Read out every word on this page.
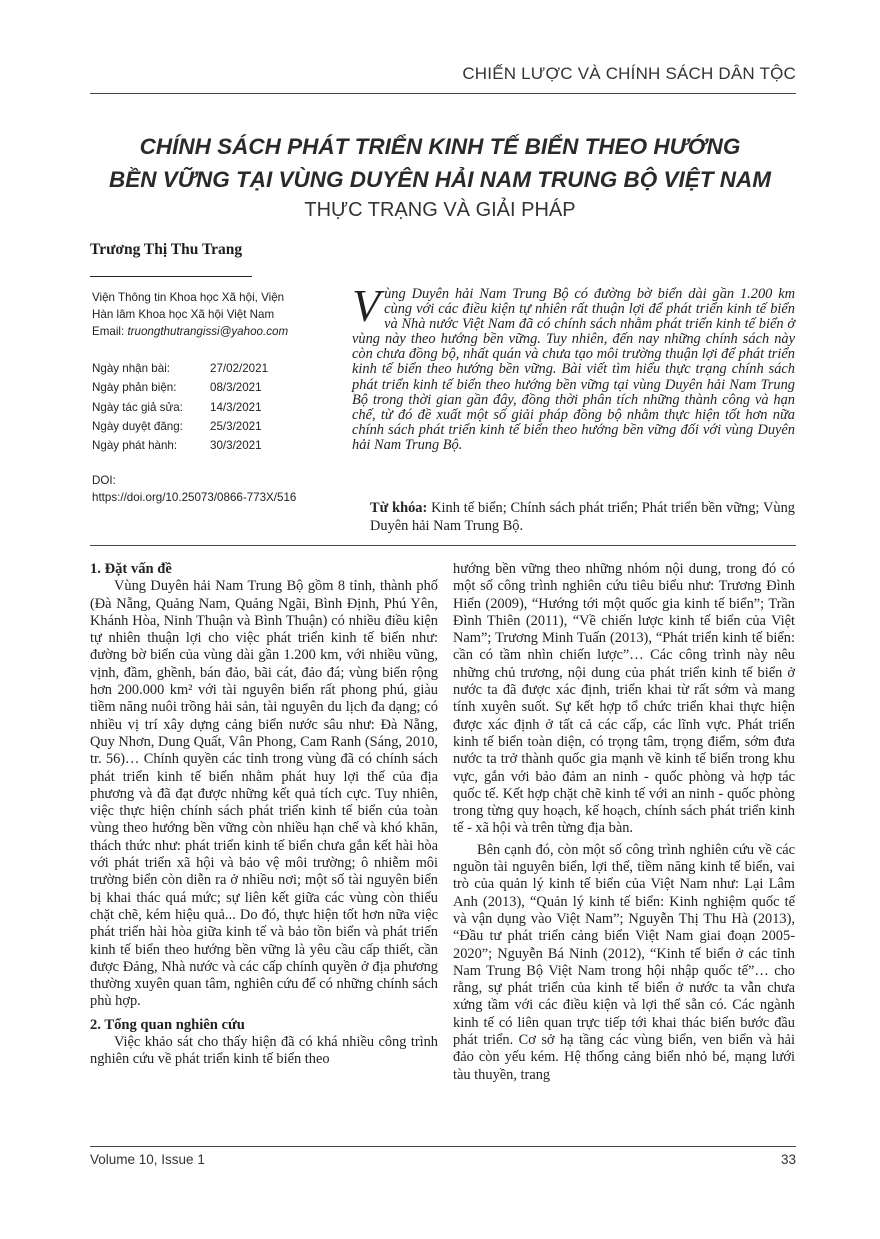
CHIẾN LƯỢC VÀ CHÍNH SÁCH DÂN TỘC
CHÍNH SÁCH PHÁT TRIỂN KINH TẾ BIỂN THEO HƯỚNG
BỀN VỮNG TẠI VÙNG DUYÊN HẢI NAM TRUNG BỘ VIỆT NAM
THỰC TRẠNG VÀ GIẢI PHÁP
Trương Thị Thu Trang
Viện Thông tin Khoa học Xã hội, Viện
Hàn lâm Khoa học Xã hội Việt Nam
Email: truongthutrangissi@yahoo.com
Ngày nhận bài:	27/02/2021
Ngày phản biện:	08/3/2021
Ngày tác giả sửa:	14/3/2021
Ngày duyệt đăng:	25/3/2021
Ngày phát hành:	30/3/2021
DOI:
https://doi.org/10.25073/0866-773X/516
Vùng Duyên hải Nam Trung Bộ có đường bờ biển dài gần 1.200 km cùng với các điều kiện tự nhiên rất thuận lợi để phát triển kinh tế biển và Nhà nước Việt Nam đã có chính sách nhằm phát triển kinh tế biển ở vùng này theo hướng bền vững. Tuy nhiên, đến nay những chính sách này còn chưa đồng bộ, nhất quán và chưa tạo môi trường thuận lợi để phát triển kinh tế biển theo hướng bền vững. Bài viết tìm hiểu thực trạng chính sách phát triển kinh tế biển theo hướng bền vững tại vùng Duyên hải Nam Trung Bộ trong thời gian gần đây, đồng thời phân tích những thành công và hạn chế, từ đó đề xuất một số giải pháp đồng bộ nhằm thực hiện tốt hơn nữa chính sách phát triển kinh tế biển theo hướng bền vững đối với vùng Duyên hải Nam Trung Bộ.
Từ khóa: Kinh tế biển; Chính sách phát triển; Phát triển bền vững; Vùng Duyên hải Nam Trung Bộ.
1. Đặt vấn đề

Vùng Duyên hải Nam Trung Bộ gồm 8 tỉnh, thành phố (Đà Nẵng, Quảng Nam, Quảng Ngãi, Bình Định, Phú Yên, Khánh Hòa, Ninh Thuận và Bình Thuận) có nhiều điều kiện tự nhiên thuận lợi cho việc phát triển kinh tế biển như: đường bờ biển của vùng dài gần 1.200 km, với nhiều vũng, vịnh, đầm, ghềnh, bán đảo, bãi cát, đảo đá; vùng biển rộng hơn 200.000 km² với tài nguyên biển rất phong phú, giàu tiềm năng nuôi trồng hải sản, tài nguyên du lịch đa dạng; có nhiều vị trí xây dựng cảng biển nước sâu như: Đà Nẵng, Quy Nhơn, Dung Quất, Vân Phong, Cam Ranh (Sáng, 2010, tr. 56)… Chính quyền các tỉnh trong vùng đã có chính sách phát triển kinh tế biển nhằm phát huy lợi thế của địa phương và đã đạt được những kết quả tích cực. Tuy nhiên, việc thực hiện chính sách phát triển kinh tế biển của toàn vùng theo hướng bền vững còn nhiều hạn chế và khó khăn, thách thức như: phát triển kinh tế biển chưa gắn kết hài hòa với phát triển xã hội và bảo vệ môi trường; ô nhiễm môi trường biển còn diễn ra ở nhiều nơi; một số tài nguyên biển bị khai thác quá mức; sự liên kết giữa các vùng còn thiếu chặt chẽ, kém hiệu quả... Do đó, thực hiện tốt hơn nữa việc phát triển hài hòa giữa kinh tế và bảo tồn biển và phát triển kinh tế biển theo hướng bền vững là yêu cầu cấp thiết, cần được Đảng, Nhà nước và các cấp chính quyền ở địa phương thường xuyên quan tâm, nghiên cứu để có những chính sách phù hợp.

2. Tổng quan nghiên cứu

Việc khảo sát cho thấy hiện đã có khá nhiều công trình nghiên cứu về phát triển kinh tế biển theo

hướng bền vững theo những nhóm nội dung, trong đó có một số công trình nghiên cứu tiêu biểu như: Trương Đình Hiển (2009), “Hướng tới một quốc gia kinh tế biển”; Trần Đình Thiên (2011), “Về chiến lược kinh tế biển của Việt Nam”; Trương Minh Tuấn (2013), “Phát triển kinh tế biển: cần có tầm nhìn chiến lược”… Các công trình này nêu những chủ trương, nội dung của phát triển kinh tế biển ở nước ta đã được xác định, triển khai từ rất sớm và mang tính xuyên suốt. Sự kết hợp tổ chức triển khai thực hiện được xác định ở tất cả các cấp, các lĩnh vực. Phát triển kinh tế biển toàn diện, có trọng tâm, trọng điểm, sớm đưa nước ta trở thành quốc gia mạnh về kinh tế biển trong khu vực, gắn với bảo đảm an ninh - quốc phòng và hợp tác quốc tế. Kết hợp chặt chẽ kinh tế với an ninh - quốc phòng trong từng quy hoạch, kế hoạch, chính sách phát triển kinh tế - xã hội và trên từng địa bàn.

Bên cạnh đó, còn một số công trình nghiên cứu về các nguồn tài nguyên biển, lợi thế, tiềm năng kinh tế biển, vai trò của quản lý kinh tế biển của Việt Nam như: Lại Lâm Anh (2013), “Quản lý kinh tế biển: Kinh nghiệm quốc tế và vận dụng vào Việt Nam”; Nguyễn Thị Thu Hà (2013), “Đầu tư phát triển cảng biển Việt Nam giai đoạn 2005-2020”; Nguyễn Bá Ninh (2012), “Kinh tế biển ở các tỉnh Nam Trung Bộ Việt Nam trong hội nhập quốc tế”… cho rằng, sự phát triển của kinh tế biển ở nước ta vẫn chưa xứng tầm với các điều kiện và lợi thế sẵn có. Các ngành kinh tế có liên quan trực tiếp tới khai thác biển bước đầu phát triển. Cơ sở hạ tầng các vùng biển, ven biển và hải đảo còn yếu kém. Hệ thống cảng biển nhỏ bé, mạng lưới tàu thuyền, trang

Volume 10, Issue 1	33
